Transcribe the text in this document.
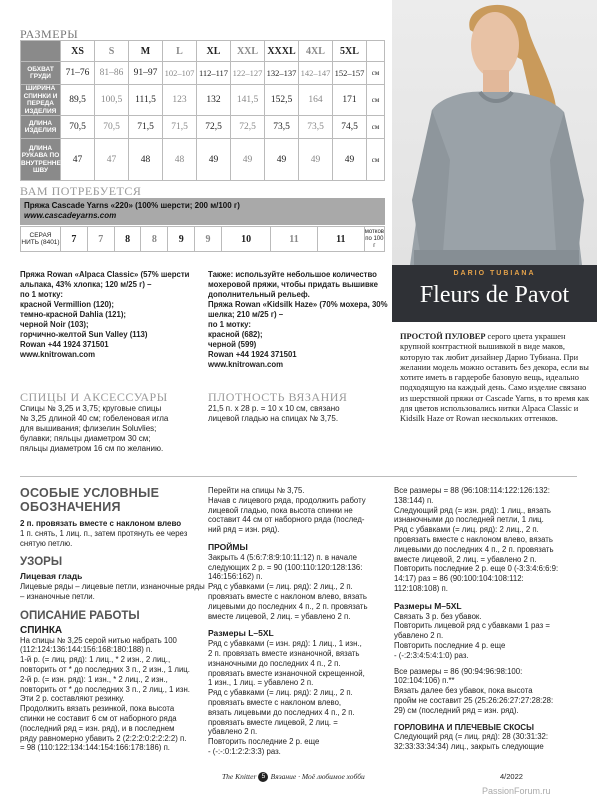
РАЗМЕРЫ
	XS	S	M	L	XL	XXL	XXXL	4XL	5XL	
ОБХВАТ ГРУДИ	71–76	81–86	91–97	102–107	112–117	122–127	132–137	142–147	152–157	см
ШИРИНА СПИНКИ И ПЕРЕДА ИЗДЕЛИЯ	89,5	100,5	111,5	123	132	141,5	152,5	164	171	см
ДЛИНА ИЗДЕЛИЯ	70,5	70,5	71,5	71,5	72,5	72,5	73,5	73,5	74,5	см
ДЛИНА РУКАВА ПО ВНУТРЕННЕМУ ШВУ	47	47	48	48	49	49	49	49	49	см
ВАМ ПОТРЕБУЕТСЯ
Пряжа Cascade Yarns «220» (100% шерсти; 200 м/100 г)
www.cascadeyarns.com
СЕРАЯ НИТЬ (8401)	7	7	8	8	9	9	10	11	11	мотков по 100 г
Пряжа Rowan «Alpaca Classic» (57% шерсти
альпака, 43% хлопка; 120 м/25 г) –
по 1 мотку:
красной Vermillion (120);
темно-красной Dahlia (121);
черной Noir (103);
горчично-желтой Sun Valley (113)
Rowan +44 1924 371501
www.knitrowan.com
Также: используйте небольшое количество
мохеровой пряжи, чтобы придать вышивке
дополнительный рельеф.
Пряжа Rowan «Kidsilk Haze» (70% мохера, 30%
шелка; 210 м/25 г) –
по 1 мотку:
красной (682);
черной (599)
Rowan +44 1924 371501
www.knitrowan.com
СПИЦЫ И АКСЕССУАРЫ
Спицы № 3,25 и 3,75; круговые спицы
№ 3,25 длиной 40 см; гобеленовая игла
для вышивания; флизелин Soluvlies;
булавки; пяльцы диаметром 30 см;
пяльцы диаметром 16 см по желанию.
ПЛОТНОСТЬ ВЯЗАНИЯ
21,5 п. х 28 р. = 10 х 10 см, связано
лицевой гладью на спицах № 3,75.
DARIO TUBIANA
Fleurs de Pavot
ПРОСТОЙ ПУЛОВЕР серого цвета украшен крупной контрастной вышивкой в виде маков, которую так любит дизайнер Дарио Тубиана. При желании модель можно оставить без декора, если вы хотите иметь в гардеробе базовую вещь, идеально подходящую на каждый день. Само изделие связано из шерстяной пряжи от Cascade Yarns, в то время как для цветов использовались нитки Alpaca Classic и Kidsilk Haze от Rowan нескольких оттенков.
ОСОБЫЕ УСЛОВНЫЕ ОБОЗНАЧЕНИЯ
2 п. провязать вместе с наклоном влево
1 п. снять, 1 лиц. п., затем протянуть ее через снятую петлю.
УЗОРЫ
Лицевая гладь
Лицевые ряды – лицевые петли, изнаночные ряды – изнаночные петли.
ОПИСАНИЕ РАБОТЫ
СПИНКА
На спицы № 3,25 серой нитью набрать 100
(112:124:136:144:156:168:180:188) п.
1-й р. (= лиц. ряд): 1 лиц., * 2 изн., 2 лиц.,
повторить от * до последних 3 п., 2 изн., 1 лиц.
2-й р. (= изн. ряд): 1 изн., * 2 лиц., 2 изн.,
повторить от * до последних 3 п., 2 лиц., 1 изн.
Эти 2 р. составляют резинку.
Продолжить вязать резинкой, пока высота
спинки не составит 6 см от наборного ряда
(последний ряд = изн. ряд), и в последнем
ряду равномерно убавить 2 (2:2:2:0:2:2:2:2) п.
= 98 (110:122:134:144:154:166:178:186) п.
Перейти на спицы № 3,75.
Начав с лицевого ряда, продолжить работу
лицевой гладью, пока высота спинки не
составит 44 см от наборного ряда (послед-
ний ряд = изн. ряд).
ПРОЙМЫ
Закрыть 4 (5:6:7:8:9:10:11:12) п. в начале
следующих 2 р. = 90 (100:110:120:128:136:
146:156:162) п.
Ряд с убавками (= лиц. ряд): 2 лиц., 2 п.
провязать вместе с наклоном влево, вязать
лицевыми до последних 4 п., 2 п. провязать
вместе лицевой, 2 лиц. = убавлено 2 п.
Размеры L–5XL
Ряд с убавками (= изн. ряд): 1 лиц., 1 изн.,
2 п. провязать вместе изнаночной, вязать
изнаночными до последних 4 п., 2 п.
провязать вместе изнаночной скрещенной,
1 изн., 1 лиц. = убавлено 2 п.
Ряд с убавками (= лиц. ряд): 2 лиц., 2 п.
провязать вместе с наклоном влево,
вязать лицевыми до последних 4 п., 2 п.
провязать вместе лицевой, 2 лиц. =
убавлено 2 п.
Повторить последние 2 р. еще
- (-:-:0:1:2:2:3:3) раз.
Все размеры = 88 (96:108:114:122:126:132:
138:144) п.
Следующий ряд (= изн. ряд): 1 лиц., вязать
изнаночными до последней петли, 1 лиц.
Ряд с убавками (= лиц. ряд): 2 лиц., 2 п.
провязать вместе с наклоном влево, вязать
лицевыми до последних 4 п., 2 п. провязать
вместе лицевой, 2 лиц. = убавлено 2 п.
Повторить последние 2 р. еще 0 (-3:3:4:6:6:9:
14:17) раз = 86 (90:100:104:108:112:
112:108:108) п.
Размеры M–5XL
Связать 3 р. без убавок.
Повторить лицевой ряд с убавками 1 раз =
убавлено 2 п.
Повторить последние 4 р. еще
- (-:2:3:4:5:4:1:0) раз.
Все размеры = 86 (90:94:96:98:100:
102:104:106) п.**
Вязать далее без убавок, пока высота
пройм не составит 25 (25:26:26:27:27:28:28:
29) см (последний ряд = изн. ряд).
ГОРЛОВИНА И ПЛЕЧЕВЫЕ СКОСЫ
Следующий ряд (= лиц. ряд): 28 (30:31:32:
32:33:33:34:34) лиц., закрыть следующие
The Knitter 5 Вязание · Моё любимое хобби	4/2022
PassionForum.ru
